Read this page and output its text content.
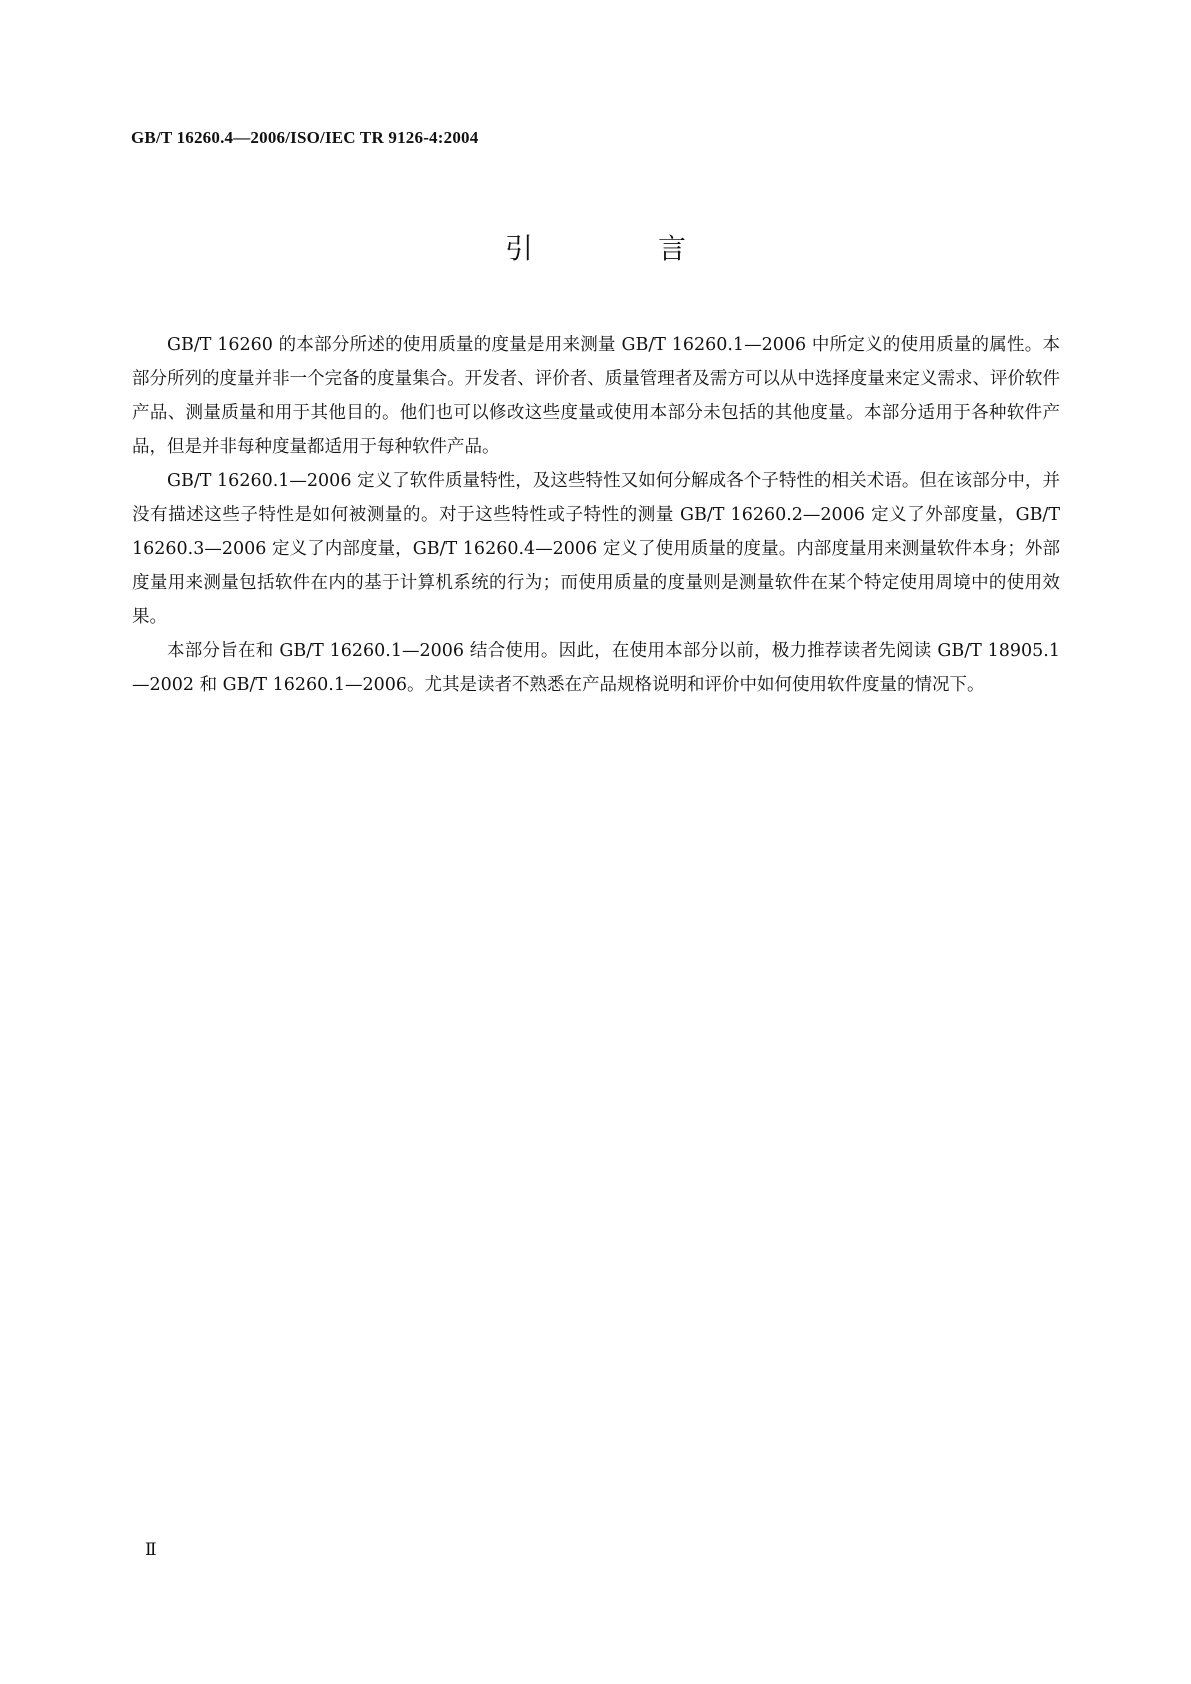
GB/T 16260.4—2006/ISO/IEC TR 9126-4:2004
引 言

GB/T 16260 的本部分所述的使用质量的度量是用来测量 GB/T 16260.1—2006 中所定义的使用质量的属性。本部分所列的度量并非一个完备的度量集合。开发者、评价者、质量管理者及需方可以从中选择度量来定义需求、评价软件产品、测量质量和用于其他目的。他们也可以修改这些度量或使用本部分未包括的其他度量。本部分适用于各种软件产品，但是并非每种度量都适用于每种软件产品。

GB/T 16260.1—2006 定义了软件质量特性，及这些特性又如何分解成各个子特性的相关术语。但在该部分中，并没有描述这些子特性是如何被测量的。对于这些特性或子特性的测量 GB/T 16260.2—2006 定义了外部度量，GB/T 16260.3—2006 定义了内部度量，GB/T 16260.4—2006 定义了使用质量的度量。内部度量用来测量软件本身；外部度量用来测量包括软件在内的基于计算机系统的行为；而使用质量的度量则是测量软件在某个特定使用周境中的使用效果。

本部分旨在和 GB/T 16260.1—2006 结合使用。因此，在使用本部分以前，极力推荐读者先阅读 GB/T 18905.1—2002 和 GB/T 16260.1—2006。尤其是读者不熟悉在产品规格说明和评价中如何使用软件度量的情况下。

Ⅱ
